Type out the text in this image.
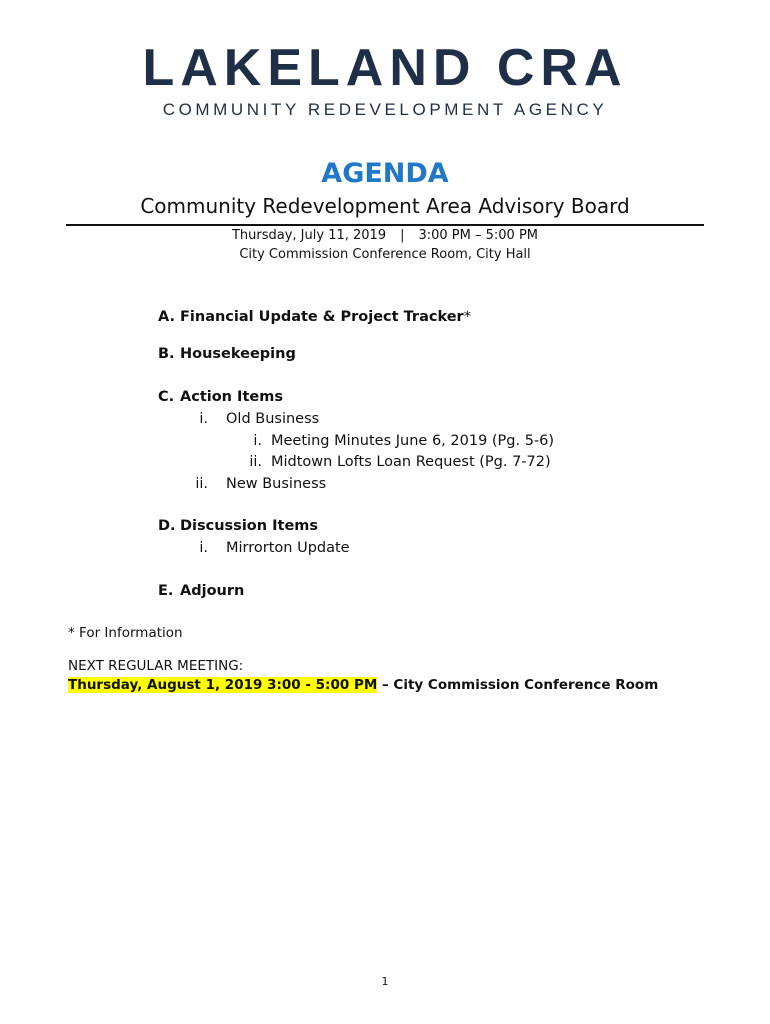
LAKELAND CRA
COMMUNITY REDEVELOPMENT AGENCY
AGENDA
Community Redevelopment Area Advisory Board
Thursday, July 11, 2019 | 3:00 PM – 5:00 PM
City Commission Conference Room, City Hall
A. Financial Update & Project Tracker*
B. Housekeeping
C. Action Items
i. Old Business
i. Meeting Minutes June 6, 2019 (Pg. 5-6)
ii. Midtown Lofts Loan Request (Pg. 7-72)
ii. New Business
D. Discussion Items
i. Mirrorton Update
E. Adjourn
* For Information
NEXT REGULAR MEETING:
Thursday, August 1, 2019 3:00 - 5:00 PM – City Commission Conference Room
1
